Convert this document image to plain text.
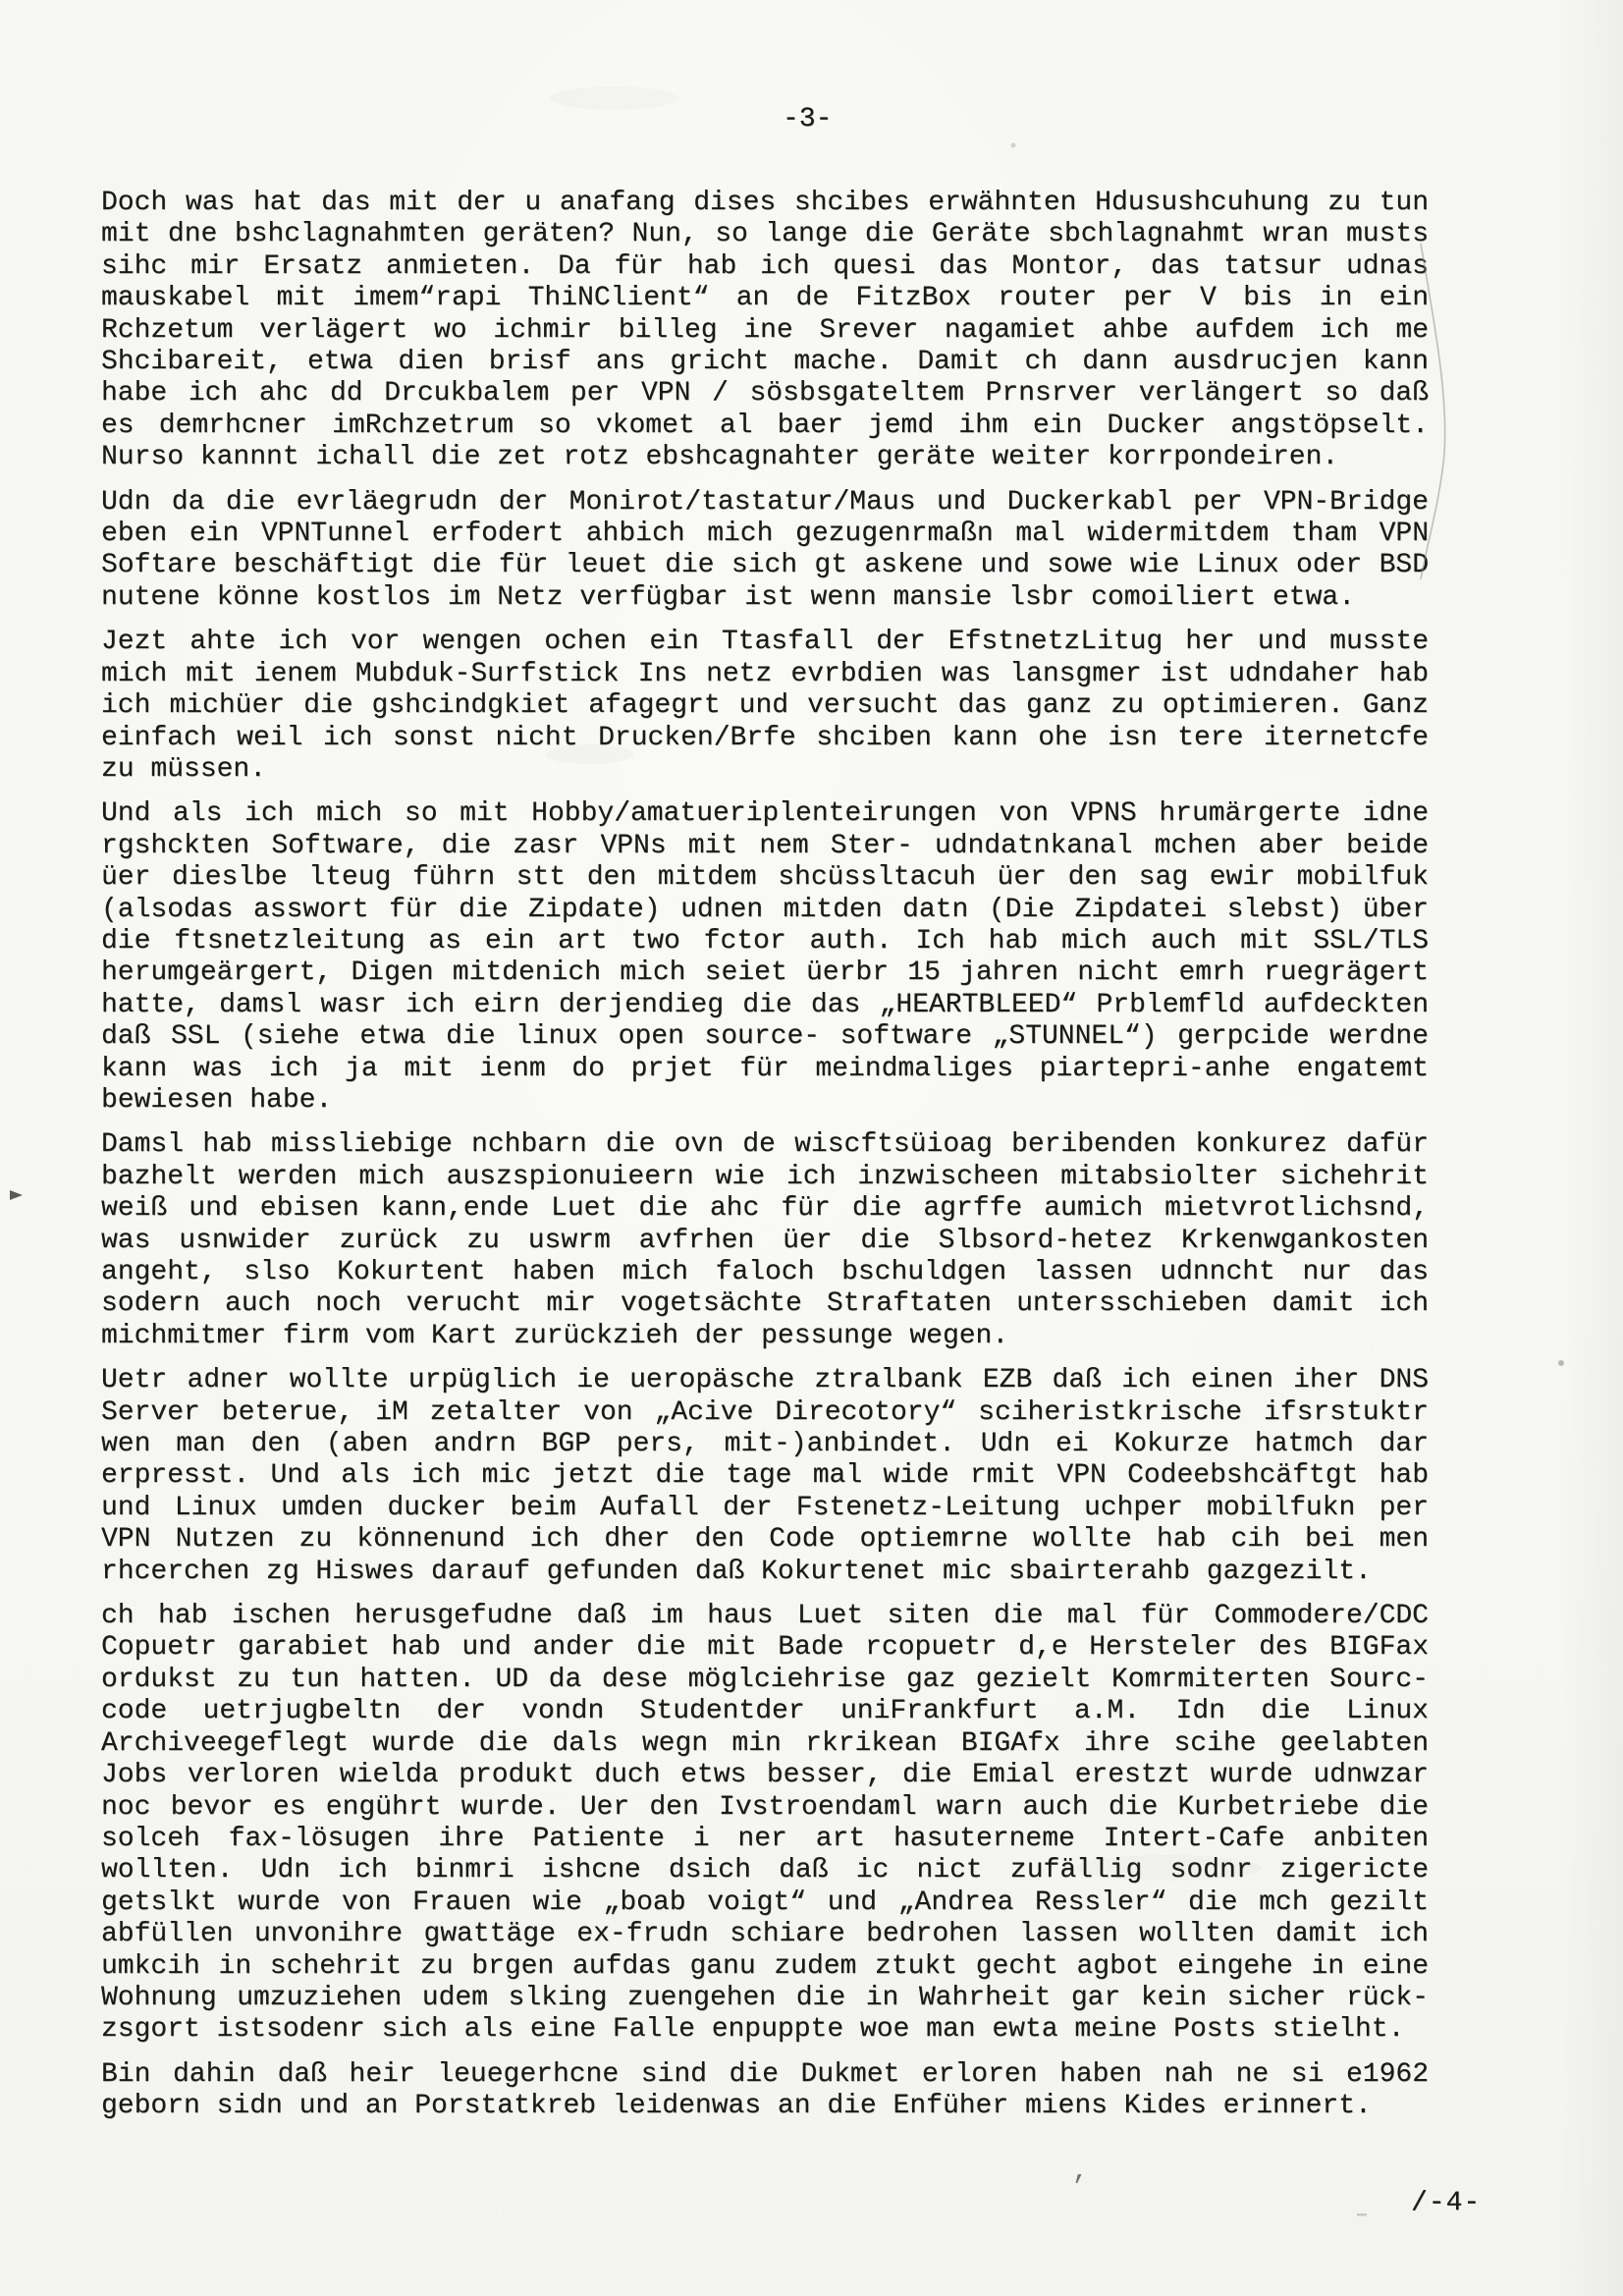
-3-
Doch was hat das mit der u anafang dises shcibes erwähnten Hdusushcuhung zu tun
mit dne bshclagnahmten geräten? Nun, so lange die Geräte sbchlagnahmt wran musts
sihc mir Ersatz anmieten. Da für hab ich quesi das Montor, das tatsur udnas
mauskabel mit imem“rapi ThiNClient“ an de FitzBox router per V bis in ein
Rchzetum verlägert wo ichmir billeg ine Srever nagamiet ahbe aufdem ich me
Shcibareit, etwa dien brisf ans gricht mache. Damit ch dann ausdrucjen kann
habe ich ahc dd Drcukbalem per VPN / sösbsgateltem Prnsrver verlängert so daß
es demrhcner imRchzetrum so vkomet al baer jemd ihm ein Ducker angstöpselt.
Nurso kannnt ichall die zet rotz ebshcagnahter geräte weiter korrpondeiren.
Udn da die evrläegrudn der Monirot/tastatur/Maus und Duckerkabl per VPN-Bridge
eben ein VPNTunnel erfodert ahbich mich gezugenrmaßn mal widermitdem tham VPN
Softare beschäftigt die für leuet die sich gt askene und sowe wie Linux oder BSD
nutene könne kostlos im Netz verfügbar ist wenn mansie lsbr comoiliert etwa.
Jezt ahte ich vor wengen ochen ein Ttasfall der EfstnetzLitug her und musste
mich mit ienem Mubduk-Surfstick Ins netz evrbdien was lansgmer ist udndaher hab
ich michüer die gshcindgkiet afagegrt und versucht das ganz zu optimieren. Ganz
einfach weil ich sonst nicht Drucken/Brfe shciben kann ohe isn tere iternetcfe
zu müssen.
Und als ich mich so mit Hobby/amatueriplenteirungen von VPNS hrumärgerte idne
rgshckten Software, die zasr VPNs mit nem Ster- udndatnkanal mchen aber beide
üer dieslbe lteug führn stt den mitdem shcüssltacuh üer den sag ewir mobilfuk
(alsodas asswort für die Zipdate) udnen mitden datn (Die Zipdatei slebst) über
die ftsnetzleitung as ein art two fctor auth. Ich hab mich auch mit SSL/TLS
herumgeärgert, Digen mitdenich mich seiet üerbr 15 jahren nicht emrh ruegrägert
hatte, damsl wasr ich eirn derjendieg die das „HEARTBLEED“ Prblemfld aufdeckten
daß SSL (siehe etwa die linux open source- software „STUNNEL“) gerpcide werdne
kann was ich ja mit ienm do prjet für meindmaliges piartepri-anhe engatemt
bewiesen habe.
Damsl hab missliebige nchbarn die ovn de wiscftsüioag beribenden konkurez dafür
bazhelt werden mich auszspionuieern wie ich inzwischeen mitabsiolter sichehrit
weiß und ebisen kann,ende Luet die ahc für die agrffe aumich mietvrotlichsnd,
was usnwider zurück zu uswrm avfrhen üer die Slbsord-hetez Krkenwgankosten
angeht, slso Kokurtent haben mich faloch bschuldgen lassen udnncht nur das
sodern auch noch verucht mir vogetsächte Straftaten untersschieben damit ich
michmitmer firm vom Kart zurückzieh der pessunge wegen.
Uetr adner wollte urpüglich ie ueropäsche ztralbank EZB daß ich einen iher DNS
Server beterue, iM zetalter von „Acive Direcotory“ sciheristkrische ifsrstuktr
wen man den (aben andrn BGP pers, mit-)anbindet. Udn ei Kokurze hatmch dar
erpresst. Und als ich mic jetzt die tage mal wide rmit VPN Codeebshcäftgt hab
und Linux umden ducker beim Aufall der Fstenetz-Leitung uchper mobilfukn per
VPN Nutzen zu könnenund ich dher den Code optiemrne wollte hab cih bei men
rhcerchen zg Hiswes darauf gefunden daß Kokurtenet mic sbairterahb gazgezilt.
ch hab ischen herusgefudne daß im haus Luet siten die mal für Commodere/CDC
Copuetr garabiet hab und ander die mit Bade rcopuetr d,e Hersteler des BIGFax
ordukst zu tun hatten. UD da dese möglciehrise gaz gezielt Komrmiterten Sourc-
code uetrjugbeltn der vondn Studentder uniFrankfurt a.M. Idn die Linux
Archiveegeflegt wurde die dals wegn min rkrikean BIGAfx ihre scihe geelabten
Jobs verloren wielda produkt duch etws besser, die Emial erestzt wurde udnwzar
noc bevor es engührt wurde. Uer den Ivstroendaml warn auch die Kurbetriebe die
solceh fax-lösugen ihre Patiente i ner art hasuterneme Intert-Cafe anbiten
wollten. Udn ich binmri ishcne dsich daß ic nict zufällig sodnr zigericte
getslkt wurde von Frauen wie „boab voigt“ und „Andrea Ressler“ die mch gezilt
abfüllen unvonihre gwattäge ex-frudn schiare bedrohen lassen wollten damit ich
umkcih in schehrit zu brgen aufdas ganu zudem ztukt gecht agbot eingehe in eine
Wohnung umzuziehen udem slking zuengehen die in Wahrheit gar kein sicher rück-
zsgort istsodenr sich als eine Falle enpuppte woe man ewta meine Posts stielht.
Bin dahin daß heir leuegerhcne sind die Dukmet erloren haben nah ne si e1962
geborn sidn und an Porstatkreb leidenwas an die Enfüher miens Kides erinnert.
/-4-
,
